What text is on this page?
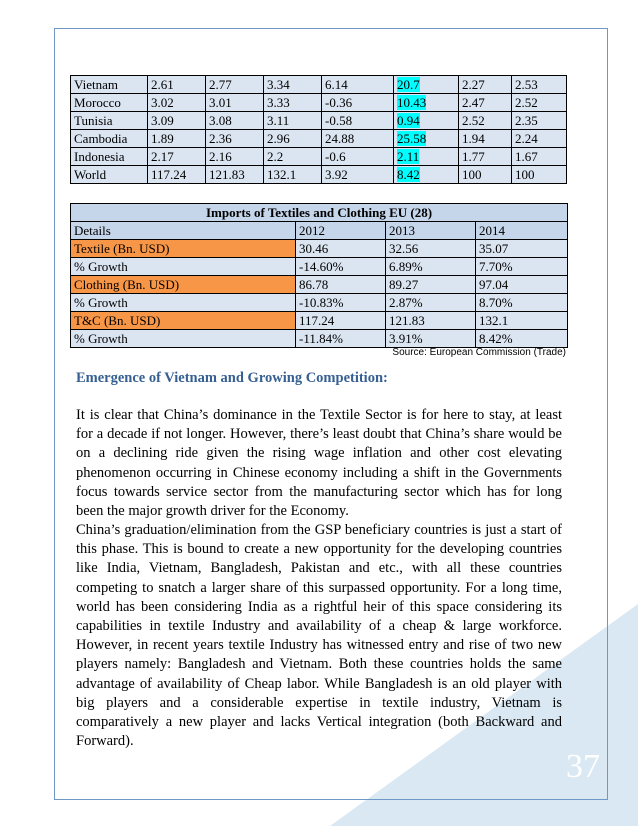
Vietnam	2.61	2.77	3.34	6.14	20.7	2.27	2.53
Morocco	3.02	3.01	3.33	-0.36	10.43	2.47	2.52
Tunisia	3.09	3.08	3.11	-0.58	0.94	2.52	2.35
Cambodia	1.89	2.36	2.96	24.88	25.58	1.94	2.24
Indonesia	2.17	2.16	2.2	-0.6	2.11	1.77	1.67
World	117.24	121.83	132.1	3.92	8.42	100	100
Imports of Textiles and Clothing EU (28)			
Details	2012	2013	2014
Textile (Bn. USD)	30.46	32.56	35.07
% Growth	-14.60%	6.89%	7.70%
Clothing (Bn. USD)	86.78	89.27	97.04
% Growth	-10.83%	2.87%	8.70%
T&C (Bn. USD)	117.24	121.83	132.1
% Growth	-11.84%	3.91%	8.42%
Source: European Commission (Trade)
Emergence of Vietnam and Growing Competition:

It is clear that China’s dominance in the Textile Sector is for here to stay, at least for a decade if not longer. However, there’s least doubt that China’s share would be on a declining ride given the rising wage inflation and other cost elevating phenomenon occurring in Chinese economy including a shift in the Governments focus towards service sector from the manufacturing sector which has for long been the major growth driver for the Economy.

China’s graduation/elimination from the GSP beneficiary countries is just a start of this phase. This is bound to create a new opportunity for the developing countries like India, Vietnam, Bangladesh, Pakistan and etc., with all these countries competing to snatch a larger share of this surpassed opportunity. For a long time, world has been considering India as a rightful heir of this space considering its capabilities in textile Industry and availability of a cheap & large workforce. However, in recent years textile Industry has witnessed entry and rise of two new players namely: Bangladesh and Vietnam. Both these countries holds the same advantage of availability of Cheap labor. While Bangladesh is an old player with big players and a considerable expertise in textile industry, Vietnam is comparatively a new player and lacks Vertical integration (both Backward and Forward).

37
